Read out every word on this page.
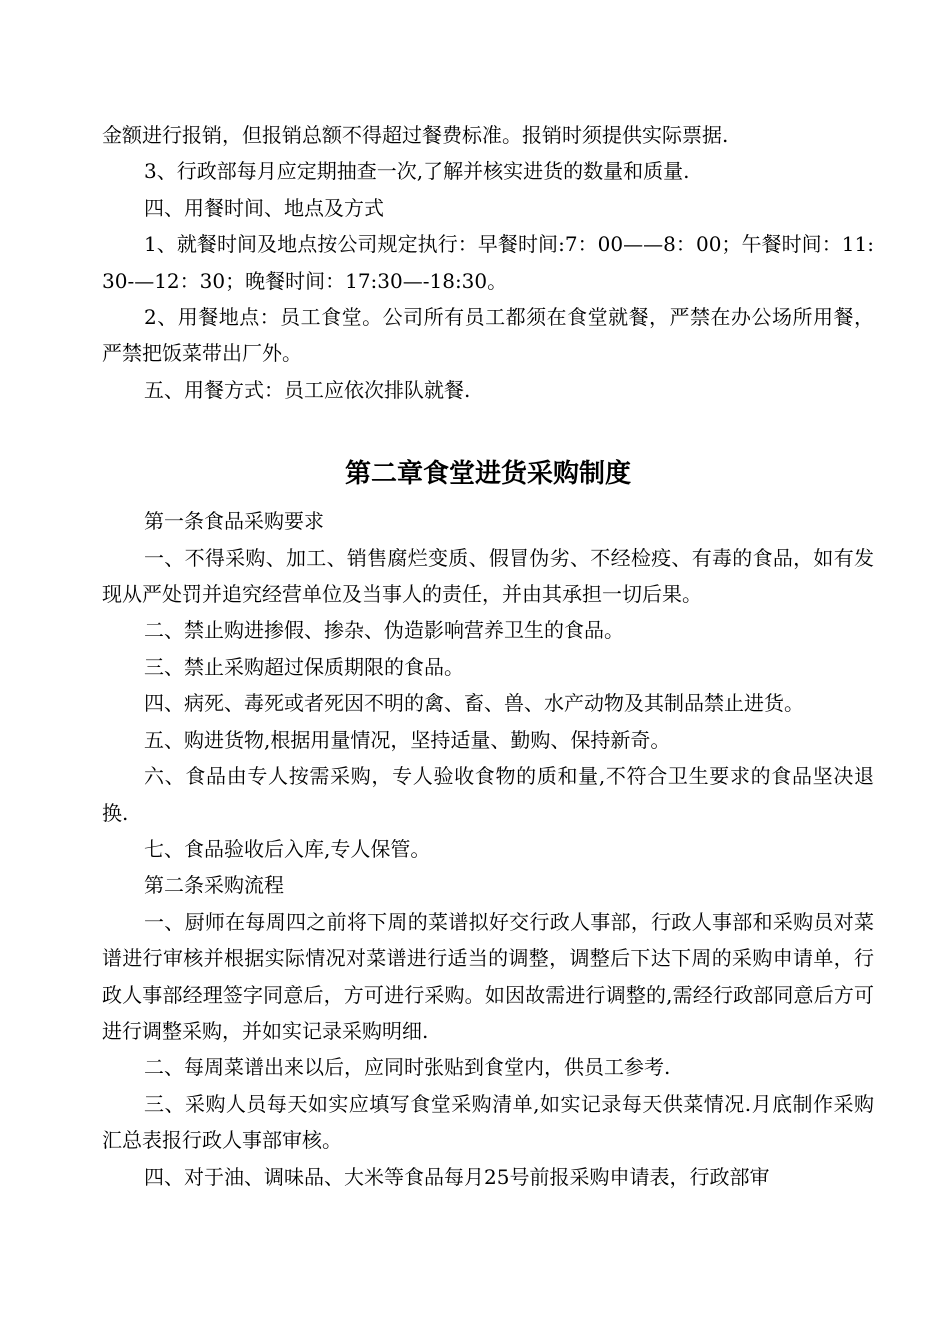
金额进行报销，但报销总额不得超过餐费标准。报销时须提供实际票据.

3、行政部每月应定期抽查一次,了解并核实进货的数量和质量.

四、用餐时间、地点及方式

1、就餐时间及地点按公司规定执行：早餐时间:7：00——8：00；午餐时间：11:30-—12：30；晚餐时间：17:30—-18:30。

2、用餐地点：员工食堂。公司所有员工都须在食堂就餐，严禁在办公场所用餐，严禁把饭菜带出厂外。

五、用餐方式：员工应依次排队就餐.

第二章食堂进货采购制度

第一条食品采购要求

一、不得采购、加工、销售腐烂变质、假冒伪劣、不经检疫、有毒的食品，如有发现从严处罚并追究经营单位及当事人的责任，并由其承担一切后果。

二、禁止购进掺假、掺杂、伪造影响营养卫生的食品。

三、禁止采购超过保质期限的食品。

四、病死、毒死或者死因不明的禽、畜、兽、水产动物及其制品禁止进货。

五、购进货物,根据用量情况，坚持适量、勤购、保持新奇。

六、食品由专人按需采购，专人验收食物的质和量,不符合卫生要求的食品坚决退换.

七、食品验收后入库,专人保管。

第二条采购流程

一、厨师在每周四之前将下周的菜谱拟好交行政人事部，行政人事部和采购员对菜谱进行审核并根据实际情况对菜谱进行适当的调整，调整后下达下周的采购申请单，行政人事部经理签字同意后，方可进行采购。如因故需进行调整的,需经行政部同意后方可进行调整采购，并如实记录采购明细.

二、每周菜谱出来以后，应同时张贴到食堂内，供员工参考.

三、采购人员每天如实应填写食堂采购清单,如实记录每天供菜情况.月底制作采购汇总表报行政人事部审核。

四、对于油、调味品、大米等食品每月25号前报采购申请表，行政部审
